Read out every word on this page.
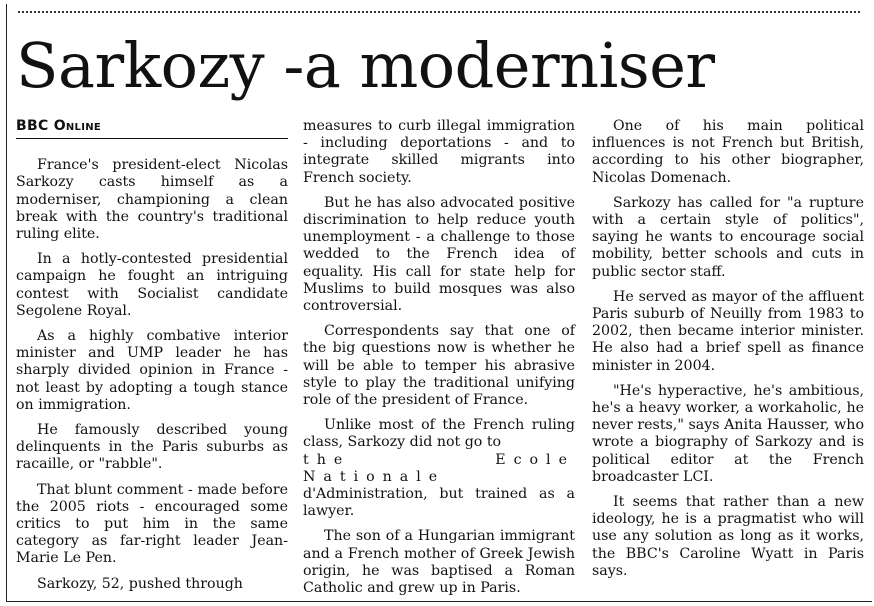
Sarkozy -a moderniser
BBC Online

France's president-elect Nicolas Sarkozy casts himself as a moderniser, championing a clean break with the country's traditional ruling elite.

In a hotly-contested presidential campaign he fought an intriguing contest with Socialist candidate Segolene Royal.

As a highly combative interior minister and UMP leader he has sharply divided opinion in France - not least by adopting a tough stance on immigration.

He famously described young delinquents in the Paris suburbs as racaille, or "rabble".

That blunt comment - made before the 2005 riots - encouraged some critics to put him in the same category as far-right leader Jean-Marie Le Pen.

Sarkozy, 52, pushed through

measures to curb illegal immigration - including deportations - and to integrate skilled migrants into French society.

But he has also advocated positive discrimination to help reduce youth unemployment - a challenge to those wedded to the French idea of equality. His call for state help for Muslims to build mosques was also controversial.

Correspondents say that one of the big questions now is whether he will be able to temper his abrasive style to play the traditional unifying role of the president of France.

Unlike most of the French ruling class, Sarkozy did not go to
the Ecole Nationale
d'Administration, but trained as a lawyer.

The son of a Hungarian immigrant and a French mother of Greek Jewish origin, he was baptised a Roman Catholic and grew up in Paris.

One of his main political influences is not French but British, according to his other biographer, Nicolas Domenach.

Sarkozy has called for "a rupture with a certain style of politics", saying he wants to encourage social mobility, better schools and cuts in public sector staff.

He served as mayor of the affluent Paris suburb of Neuilly from 1983 to 2002, then became interior minister. He also had a brief spell as finance minister in 2004.

"He's hyperactive, he's ambitious, he's a heavy worker, a workaholic, he never rests," says Anita Hausser, who wrote a biography of Sarkozy and is political editor at the French broadcaster LCI.

It seems that rather than a new ideology, he is a pragmatist who will use any solution as long as it works, the BBC's Caroline Wyatt in Paris says.
